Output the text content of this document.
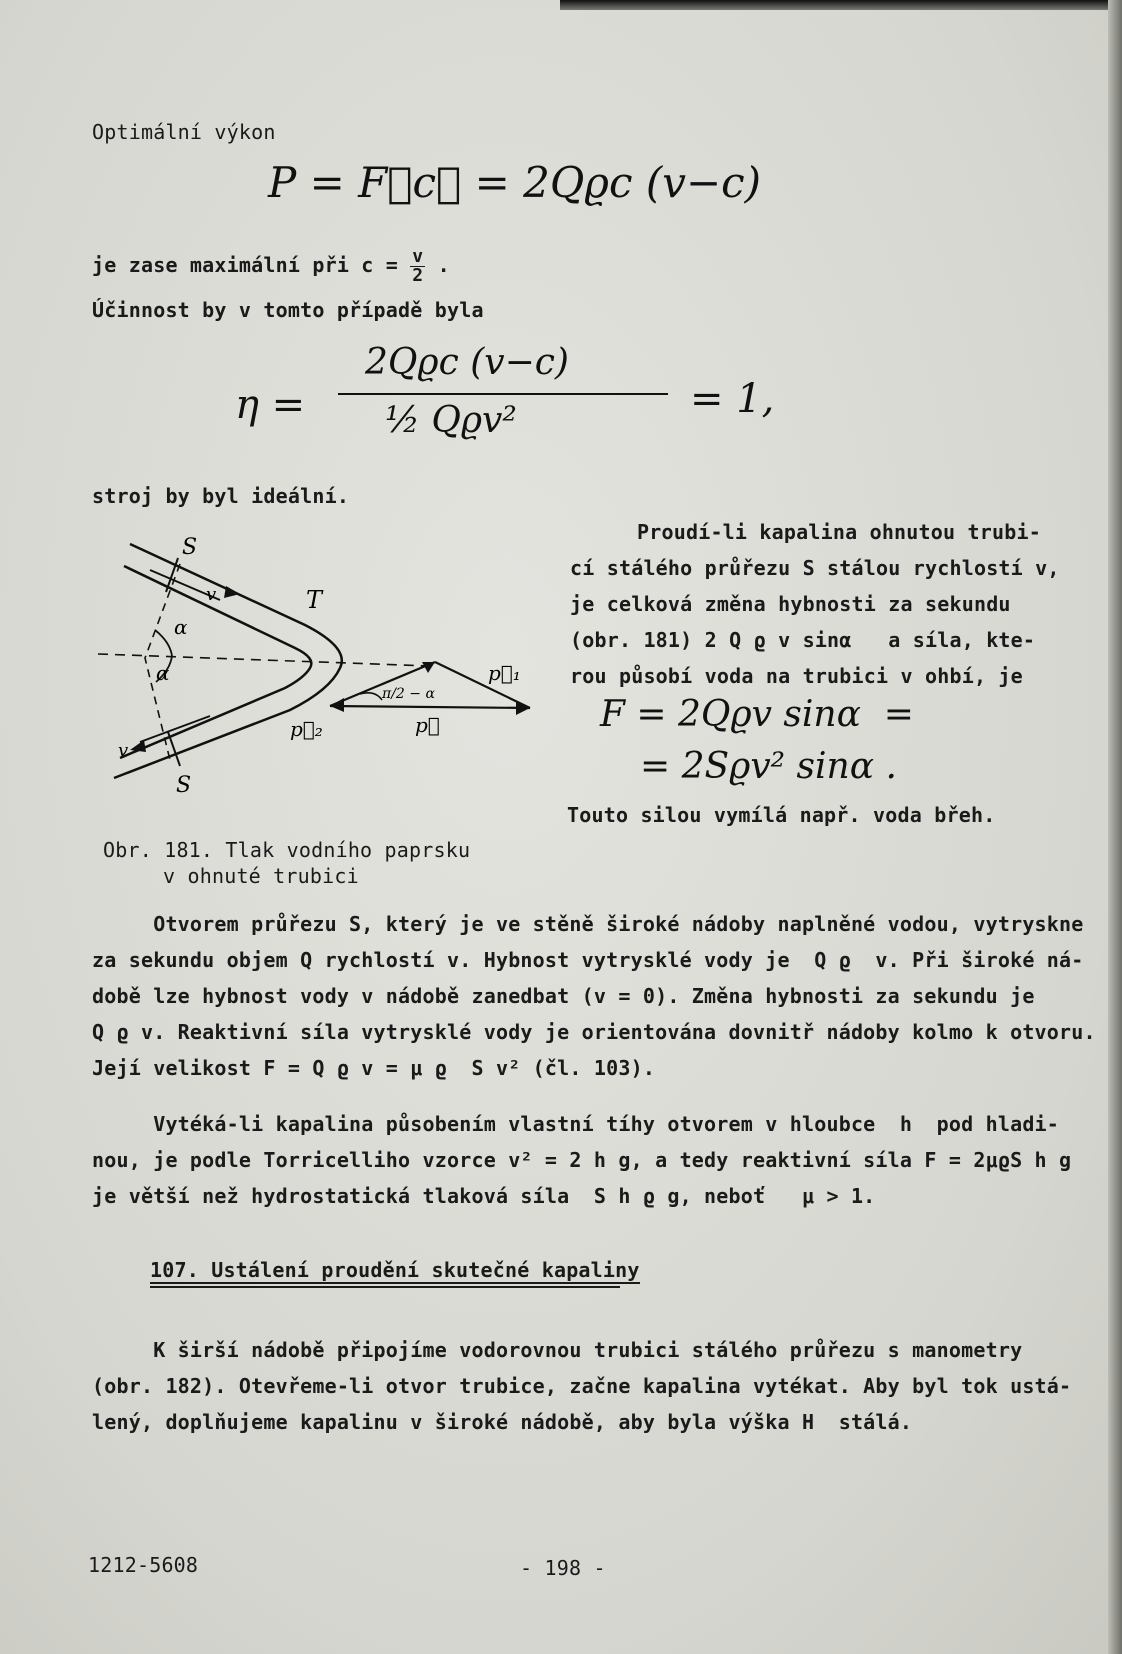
Optimální výkon
P = F⃗c⃗ = 2Qϱc (v−c)
je zase maximální při $c = \frac{v}{2}$ .
Účinnost by v tomto případě byla
η =
2Qϱc (v−c)
½ Qϱv²	= 1,
stroj by byl ideální.
Proudí-li kapalina ohnutou trubi-
cí stálého průřezu S stálou rychlostí v,
je celková změna hybnosti za sekundu
(obr. 181) 2 Q ϱ v sinα   a síla, kte-
rou působí voda na trubici v ohbí, je
F = 2Qϱv sinα  =
= 2Sϱv² sinα .
Touto silou vymílá např. voda břeh.
S
S
T
α
α
v
v
p⃗₁
p⃗₂	p⃗
π/2 − α
Obr. 181. Tlak vodního paprsku
v ohnuté trubici
Otvorem průřezu S, který je ve stěně široké nádoby naplněné vodou, vytryskne
za sekundu objem Q rychlostí v. Hybnost vytrysklé vody je  Q ϱ  v. Při široké ná-
době lze hybnost vody v nádobě zanedbat (v = 0). Změna hybnosti za sekundu je
Q ϱ v. Reaktivní síla vytrysklé vody je orientována dovnitř nádoby kolmo k otvoru.
Její velikost F = Q ϱ v = μ ϱ  S v² (čl. 103).
Vytéká-li kapalina působením vlastní tíhy otvorem v hloubce  h  pod hladi-
nou, je podle Torricelliho vzorce v² = 2 h g, a tedy reaktivní síla F = 2μϱS h g
je větší než hydrostatická tlaková síla  S h ϱ g, neboť   μ > 1.
107. Ustálení proudění skutečné kapaliny
K širší nádobě připojíme vodorovnou trubici stálého průřezu s manometry
(obr. 182). Otevřeme-li otvor trubice, začne kapalina vytékat. Aby byl tok ustá-
lený, doplňujeme kapalinu v široké nádobě, aby byla výška H  stálá.
1212-5608	- 198 -
